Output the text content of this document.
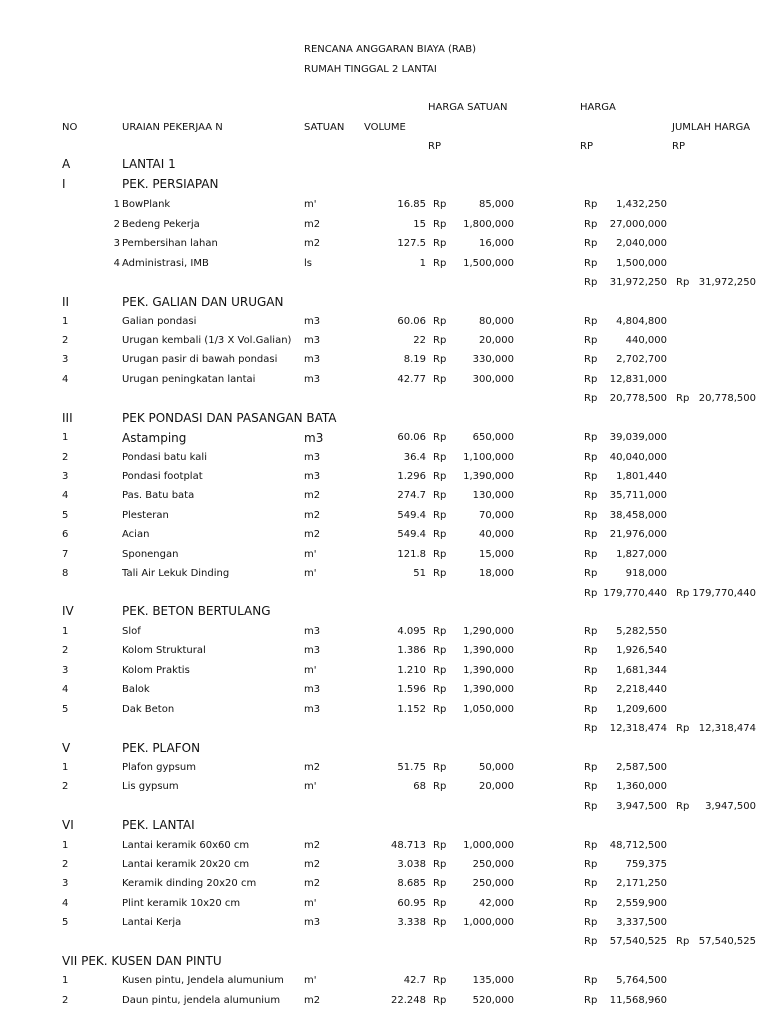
RENCANA ANGGARAN BIAYA (RAB)
RUMAH TINGGAL 2 LANTAI
HARGA SATUAN	HARGA
NO	URAIAN PEKERJAA N	SATUAN VOLUME	JUMLAH HARGA
RP	RP	RP
A	LANTAI 1
I	PEK. PERSIAPAN
1 BowPlank	m'	16.85 Rp	85,000	Rp	1,432,250
2 Bedeng Pekerja	m2	15 Rp	1,800,000	Rp	27,000,000
3 Pembersihan lahan	m2	127.5 Rp	16,000	Rp	2,040,000
4 Administrasi, IMB	ls	1 Rp	1,500,000	Rp	1,500,000
Rp	31,972,250 Rp 31,972,250
II	PEK. GALIAN DAN URUGAN
1	Galian pondasi	m3	60.06 Rp	80,000	Rp	4,804,800
2	Urugan kembali (1/3 X Vol.Galian) m3	22 Rp	20,000	Rp	440,000
3	Urugan pasir di bawah pondasi	m3	8.19 Rp	330,000	Rp	2,702,700
4	Urugan peningkatan lantai	m3	42.77 Rp	300,000	Rp	12,831,000
Rp	20,778,500 Rp 20,778,500
III	PEK PONDASI DAN PASANGAN BATA
1	Astamping	m3	60.06 Rp	650,000	Rp	39,039,000
2	Pondasi batu kali	m3	36.4 Rp	1,100,000	Rp	40,040,000
3	Pondasi footplat	m3	1.296 Rp	1,390,000	Rp	1,801,440
4	Pas. Batu bata	m2	274.7 Rp	130,000	Rp	35,711,000
5	Plesteran	m2	549.4 Rp	70,000	Rp	38,458,000
6	Acian	m2	549.4 Rp	40,000	Rp	21,976,000
7	Sponengan	m'	121.8 Rp	15,000	Rp	1,827,000
8	Tali Air Lekuk Dinding	m'	51 Rp	18,000	Rp	918,000
Rp 179,770,440 Rp 179,770,440
IV	PEK. BETON BERTULANG
1	Slof	m3	4.095 Rp	1,290,000	Rp	5,282,550
2	Kolom Struktural	m3	1.386 Rp	1,390,000	Rp	1,926,540
3	Kolom Praktis	m'	1.210 Rp	1,390,000	Rp	1,681,344
4	Balok	m3	1.596 Rp	1,390,000	Rp	2,218,440
5	Dak Beton	m3	1.152 Rp	1,050,000	Rp	1,209,600
Rp	12,318,474 Rp 12,318,474
V	PEK. PLAFON
1	Plafon gypsum	m2	51.75 Rp	50,000	Rp	2,587,500
2	Lis gypsum	m'	68 Rp	20,000	Rp	1,360,000
Rp	3,947,500 Rp	3,947,500
VI	PEK. LANTAI
1	Lantai keramik 60x60 cm	m2	48.713 Rp	1,000,000	Rp	48,712,500
2	Lantai keramik 20x20 cm	m2	3.038 Rp	250,000	Rp	759,375
3	Keramik dinding 20x20 cm	m2	8.685 Rp	250,000	Rp	2,171,250
4	Plint keramik 10x20 cm	m'	60.95 Rp	42,000	Rp	2,559,900
5	Lantai Kerja	m3	3.338 Rp	1,000,000	Rp	3,337,500
Rp	57,540,525 Rp 57,540,525
VII PEK. KUSEN DAN PINTU
1	Kusen pintu, Jendela alumunium m'	42.7 Rp	135,000	Rp	5,764,500
2	Daun pintu, jendela alumunium m2	22.248 Rp	520,000	Rp	11,568,960
